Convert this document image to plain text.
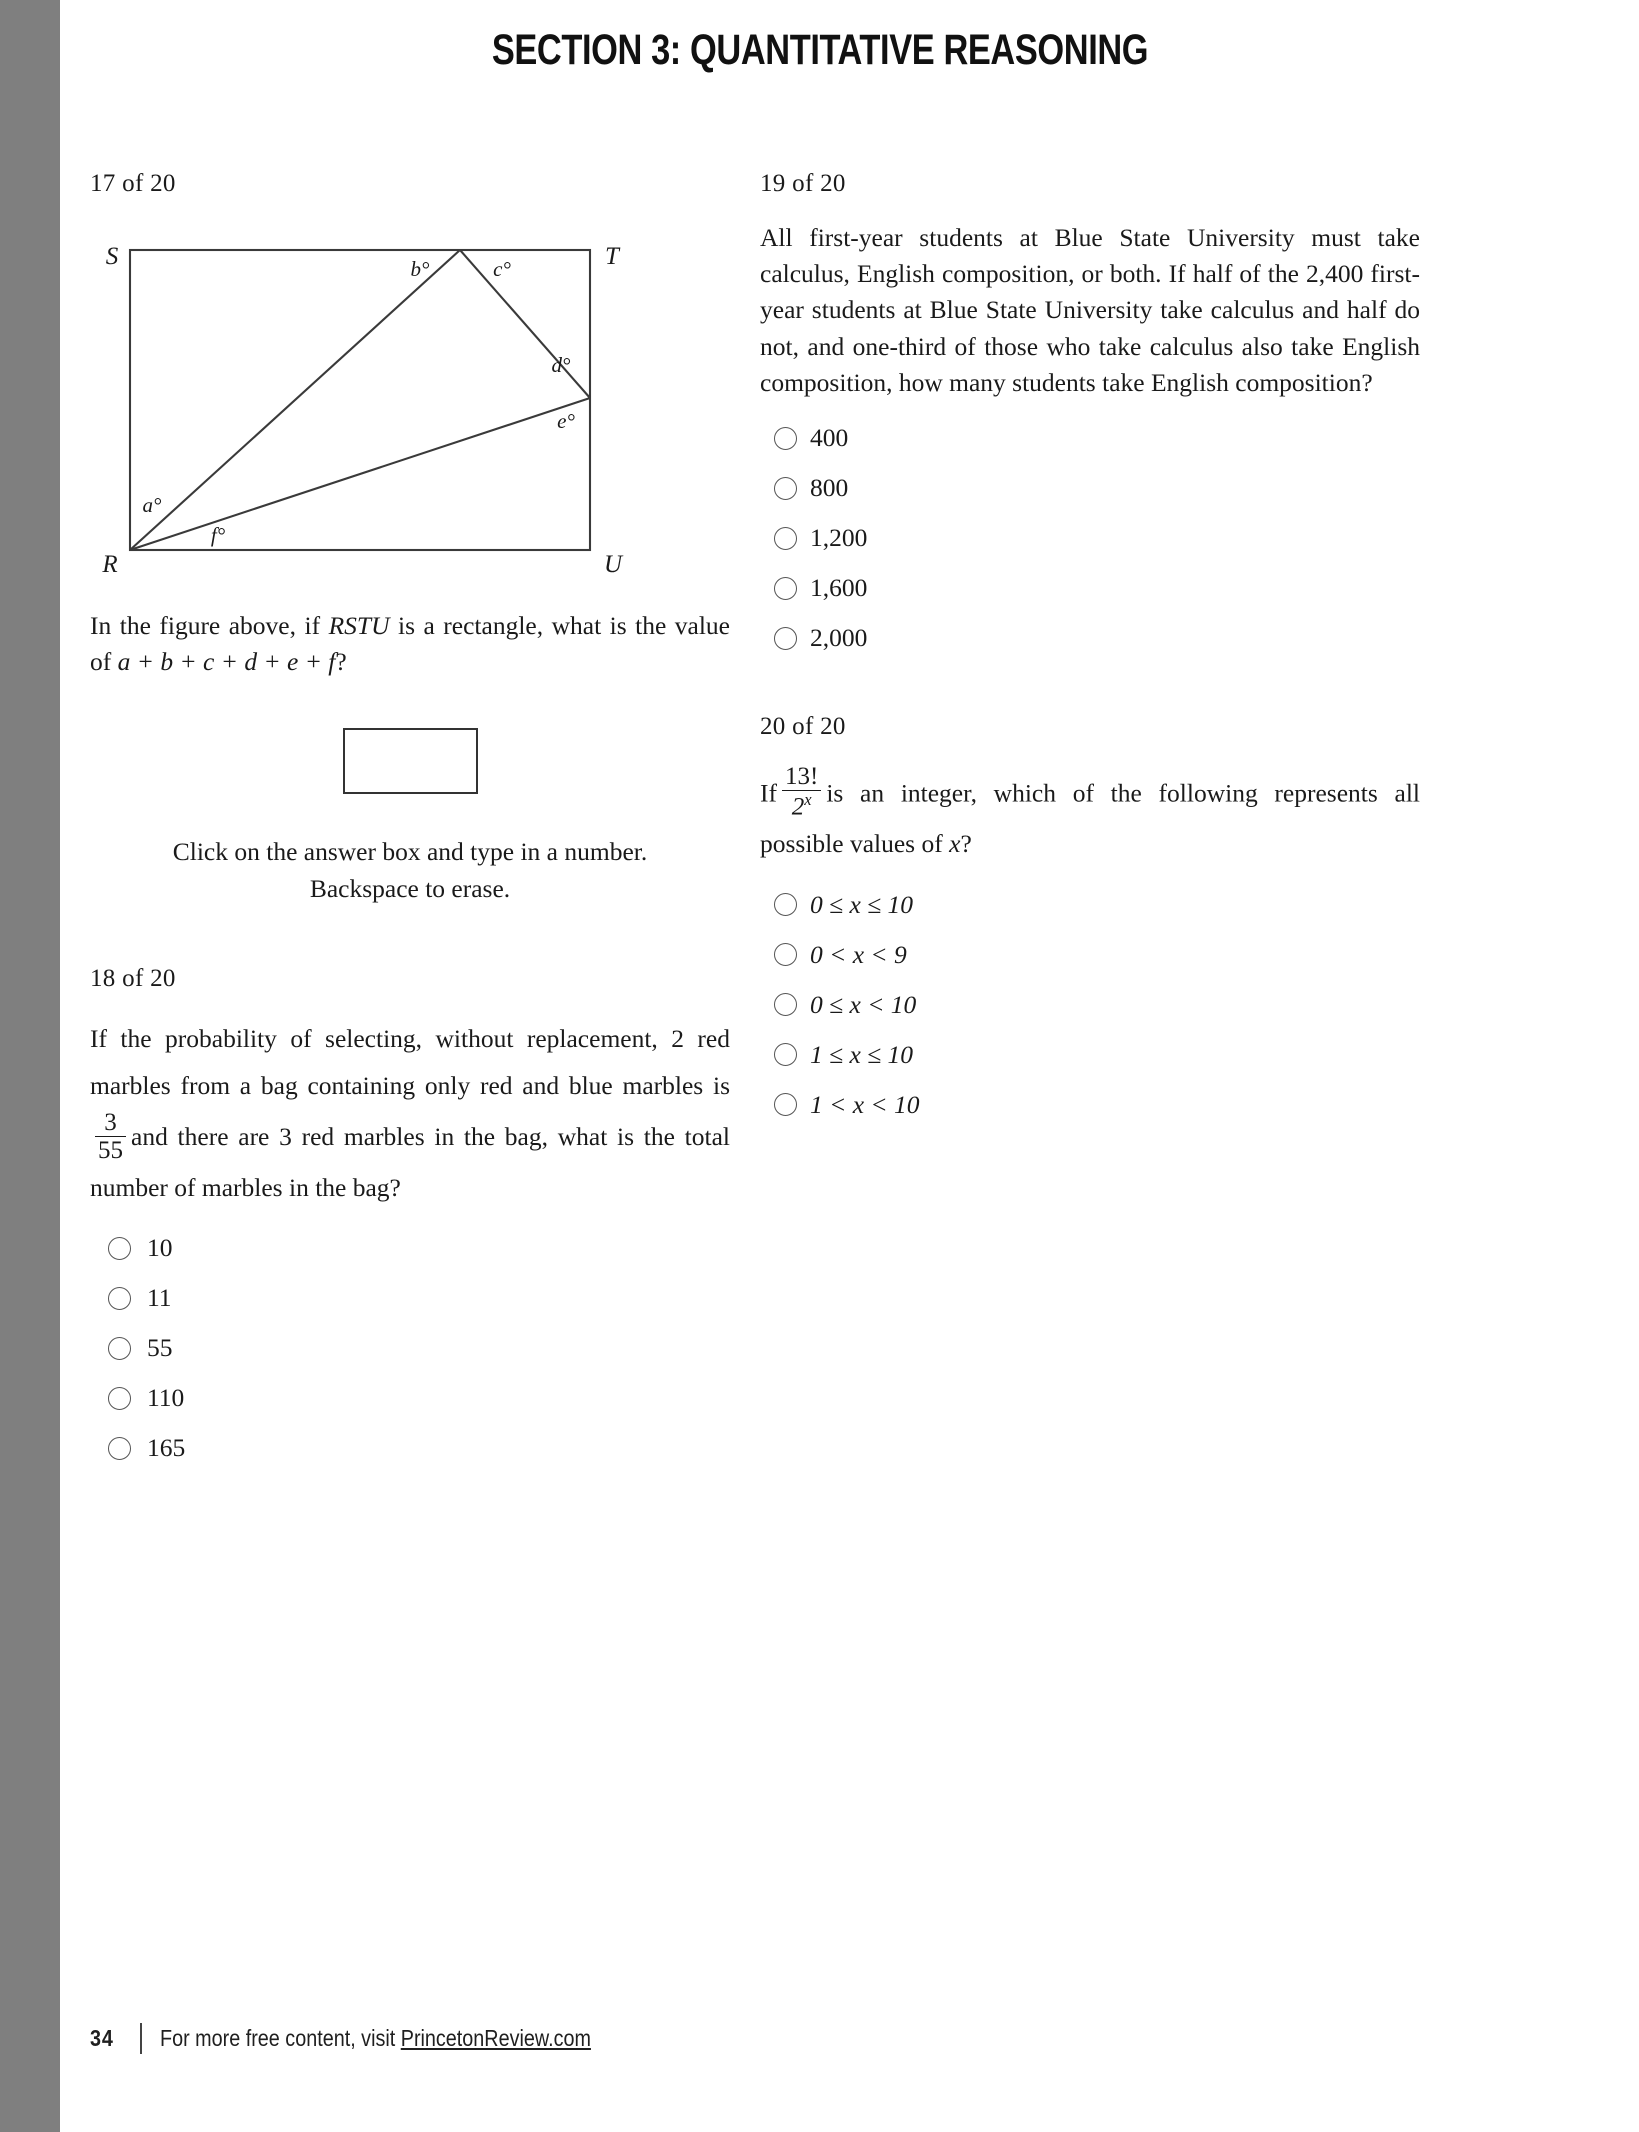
SECTION 3: QUANTITATIVE REASONING
17 of 20
S	T
R	U
b°	c°
d°
e°
a°
f°

In the figure above, if RSTU is a rectangle, what is the value of a + b + c + d + e + f?

Click on the answer box and type in a number.
Backspace to erase.

18 of 20

If the probability of selecting, without replacement, 2 red marbles from a bag containing only red and blue marbles is
$\frac{3}{55}$ and there are 3 red marbles in the bag, what is the total number of marbles in the bag?

10
11
55
110
165
19 of 20

All first-year students at Blue State University must take calculus, English composition, or both. If half of the 2,400 first-year students at Blue State University take calculus and half do not, and one-third of those who take calculus also take English composition, how many students take English composition?

400
800
1,200
1,600
2,000
20 of 20

If $\frac{13!}{2^x}$ is an integer, which of the following represents all possible values of x?

0 ≤ x ≤ 10
0 < x < 9
0 ≤ x < 10
1 ≤ x ≤ 10
1 < x < 10
34 For more free content, visit PrincetonReview.com
